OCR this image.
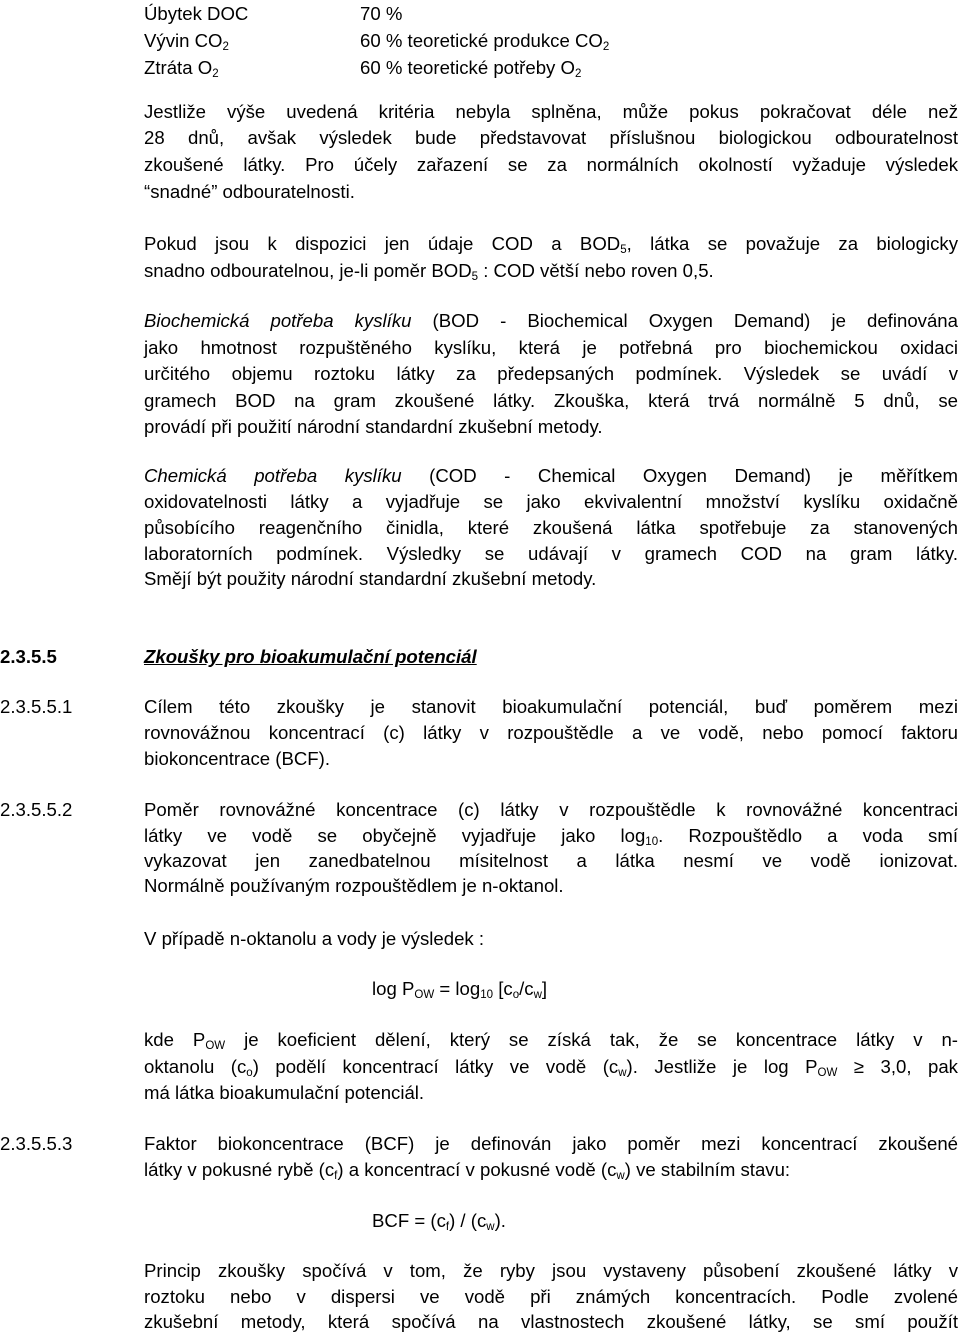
Úbytek DOC	70 %
Vývin $CO_2$	60 % teoretické produkce $CO_2$
Ztráta $O_2$	60 % teoretické potřeby $O_2$
Jestliže výše uvedená kritéria nebyla splněna, může pokus pokračovat déle než
28 dnů, avšak výsledek bude představovat příslušnou biologickou odbouratelnost
zkoušené látky. Pro účely zařazení se za normálních okolností vyžaduje výsledek
“snadné” odbouratelnosti.
Pokud jsou k dispozici jen údaje COD a $BOD_5$, látka se považuje za biologicky
snadno odbouratelnou, je-li poměr $BOD_5$ : COD větší nebo roven 0,5.
Biochemická potřeba kyslíku (BOD - Biochemical Oxygen Demand) je definována
jako hmotnost rozpuštěného kyslíku, která je potřebná pro biochemickou oxidaci
určitého objemu roztoku látky za předepsaných podmínek. Výsledek se uvádí v
gramech BOD na gram zkoušené látky. Zkouška, která trvá normálně 5 dnů, se
provádí při použití národní standardní zkušební metody.
Chemická potřeba kyslíku (COD - Chemical Oxygen Demand) je měřítkem
oxidovatelnosti látky a vyjadřuje se jako ekvivalentní množství kyslíku oxidačně
působícího reagenčního činidla, které zkoušená látka spotřebuje za stanovených
laboratorních podmínek. Výsledky se udávají v gramech COD na gram látky.
Smějí být použity národní standardní zkušební metody.
2.3.5.5	Zkoušky pro bioakumulační potenciál
2.3.5.5.1	Cílem této zkoušky je stanovit bioakumulační potenciál, buď poměrem mezi
rovnovážnou koncentrací (c) látky v rozpouštědle a ve vodě, nebo pomocí faktoru
biokoncentrace (BCF).
2.3.5.5.2	Poměr rovnovážné koncentrace (c) látky v rozpouštědle k rovnovážné koncentraci
látky ve vodě se obyčejně vyjadřuje jako $\log_{10}$. Rozpouštědlo a voda smí
vykazovat jen zanedbatelnou mísitelnost a látka nesmí ve vodě ionizovat.
Normálně používaným rozpouštědlem je n-oktanol.
V případě n-oktanolu a vody je výsledek :
$\log P_{OW} = \log_{10} [c_o/c_w]$
kde $P_{OW}$ je koeficient dělení, který se získá tak, že se koncentrace látky v n-
oktanolu $(c_o)$ podělí koncentrací látky ve vodě $(c_w)$. Jestliže je $\log P_{OW} \ge 3,0$, pak
má látka bioakumulační potenciál.
2.3.5.5.3	Faktor biokoncentrace (BCF) je definován jako poměr mezi koncentrací zkoušené
látky v pokusné rybě $(c_f)$ a koncentrací v pokusné vodě $(c_w)$ ve stabilním stavu:
BCF = $(c_f) / (c_w)$.
Princip zkoušky spočívá v tom, že ryby jsou vystaveny působení zkoušené látky v
roztoku nebo v dispersi ve vodě při známých koncentracích. Podle zvolené
zkušební metody, která spočívá na vlastnostech zkoušené látky, se smí použít
